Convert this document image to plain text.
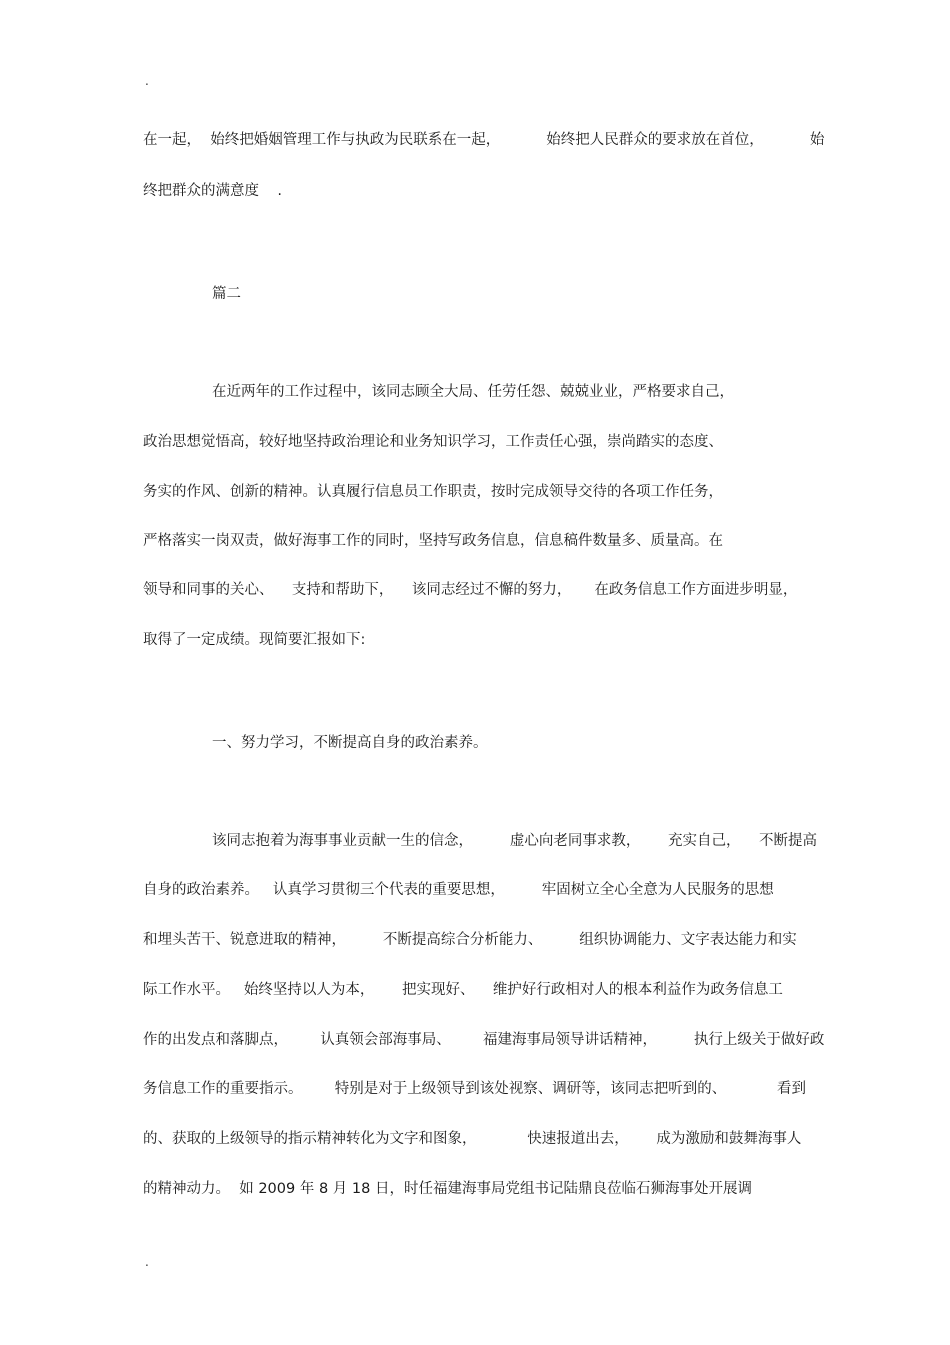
.
在一起，  始终把婚姻管理工作与执政为民联系在一起，          始终把人民群众的要求放在首位，          始
终把群众的满意度    .
篇二
在近两年的工作过程中，该同志顾全大局、任劳任怨、兢兢业业，严格要求自己，
政治思想觉悟高，较好地坚持政治理论和业务知识学习，工作责任心强，崇尚踏实的态度、
务实的作风、创新的精神。认真履行信息员工作职责，按时完成领导交待的各项工作任务，
严格落实一岗双责，做好海事工作的同时，坚持写政务信息，信息稿件数量多、质量高。在
领导和同事的关心、    支持和帮助下，    该同志经过不懈的努力，     在政务信息工作方面进步明显，
取得了一定成绩。现简要汇报如下:
一、努力学习，不断提高自身的政治素养。
该同志抱着为海事事业贡献一生的信念，        虚心向老同事求教，      充实自己，    不断提高
自身的政治素养。   认真学习贯彻三个代表的重要思想，        牢固树立全心全意为人民服务的思想
和埋头苦干、锐意进取的精神，        不断提高综合分析能力、        组织协调能力、文字表达能力和实
际工作水平。   始终坚持以人为本，      把实现好、    维护好行政相对人的根本利益作为政务信息工
作的出发点和落脚点，       认真领会部海事局、       福建海事局领导讲话精神，        执行上级关于做好政
务信息工作的重要指示。       特别是对于上级领导到该处视察、调研等，该同志把听到的、           看到
的、获取的上级领导的指示精神转化为文字和图象，           快速报道出去，      成为激励和鼓舞海事人
的精神动力。  如 2009 年 8 月 18 日，时任福建海事局党组书记陆鼎良莅临石狮海事处开展调
.
